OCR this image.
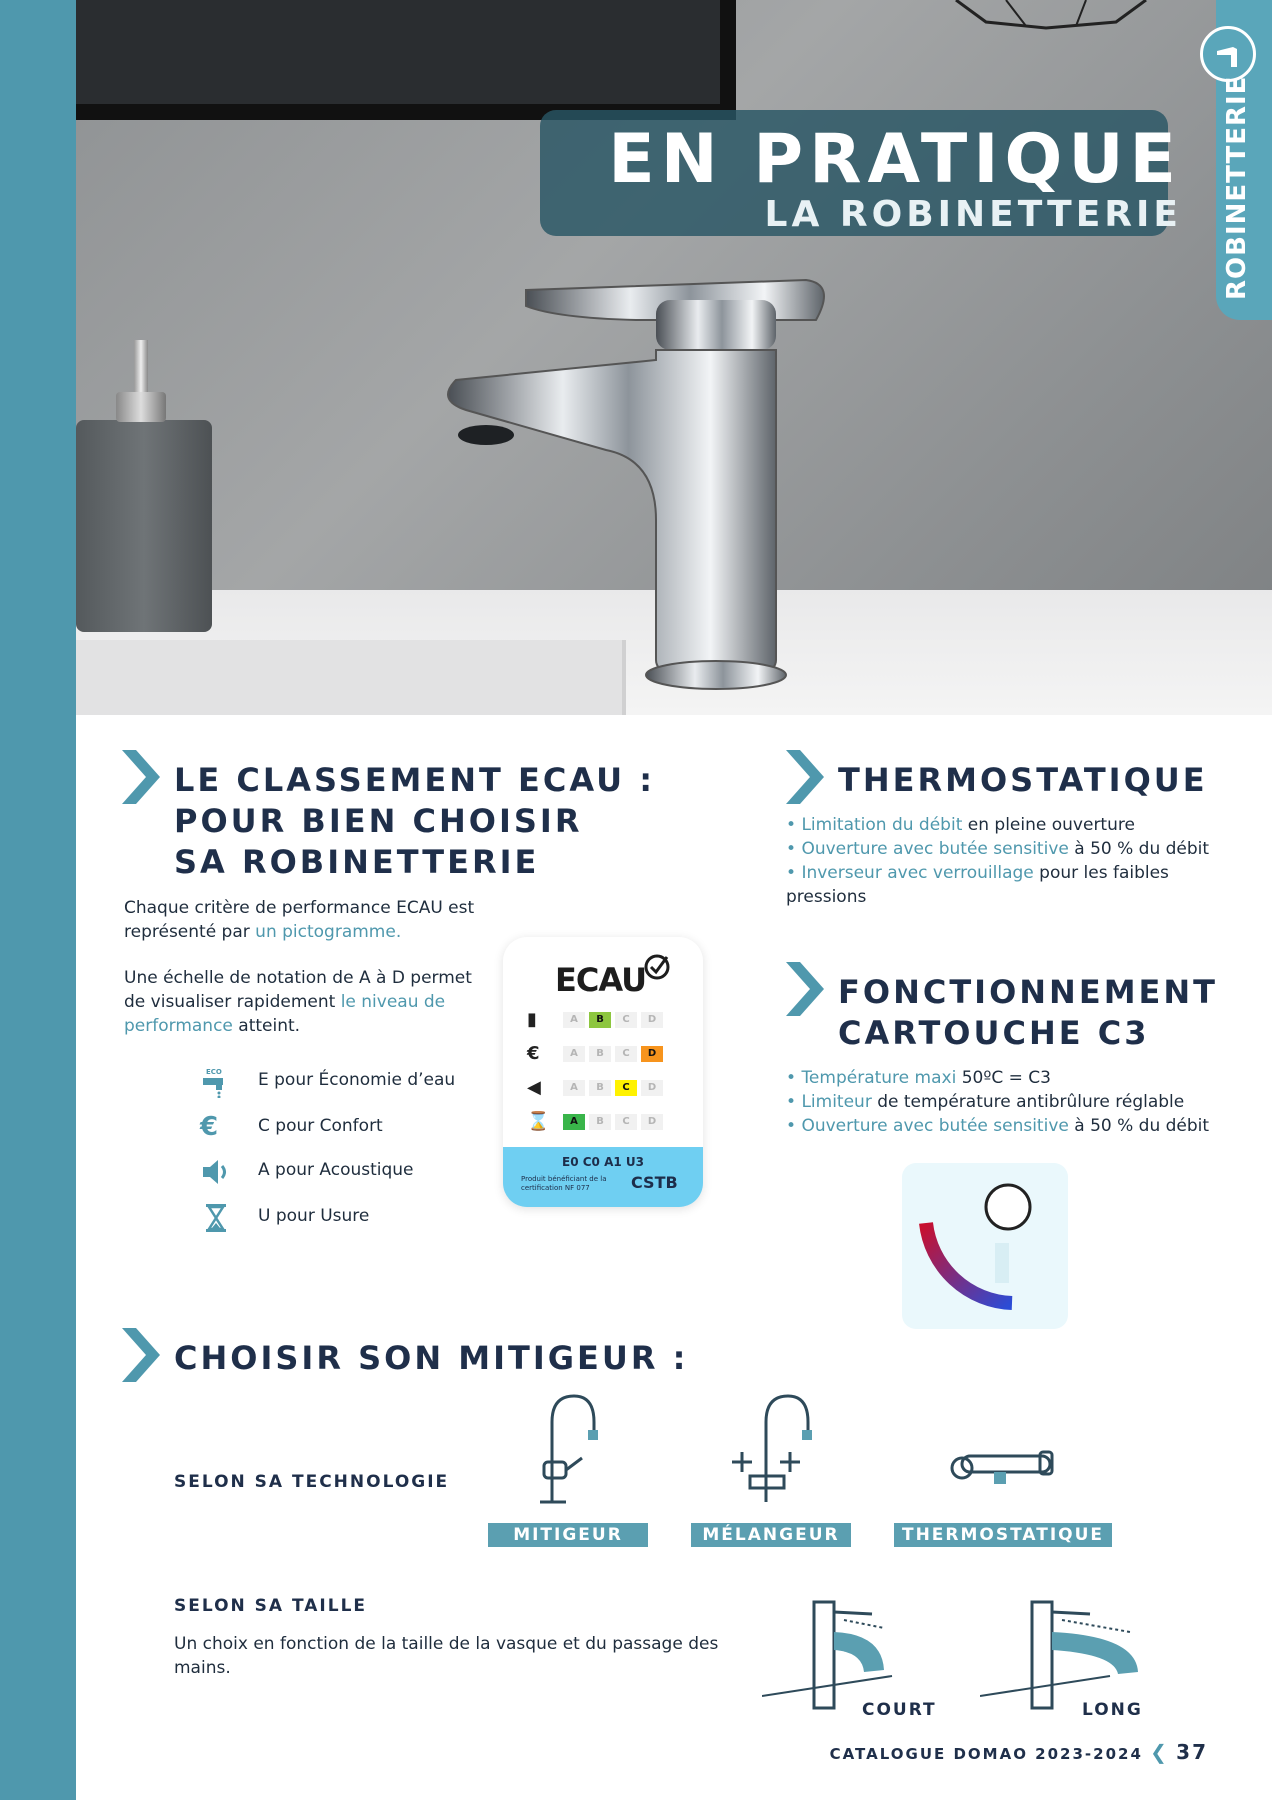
EN PRATIQUE
LA ROBINETTERIE ROBINETTERIE
LE CLASSEMENT ECAU :
POUR BIEN CHOISIR
SA ROBINETTERIE
Chaque critère de performance ECAU est
représenté par un pictogramme.
Une échelle de notation de A à D permet
de visualiser rapidement le niveau de
performance atteint.
ECO E pour Économie d’eau
€	C pour Confort
A pour Acoustique
U pour Usure
ECAU
▮	A	B	C	D
€	A	B	C	D
◀	A	B	C	D
⌛	A	B	C	D
E0 C0 A1 U3
Produit bénéficiant de la certification NF 077	CSTB
THERMOSTATIQUE
• Limitation du débit en pleine ouverture
• Ouverture avec butée sensitive à 50 % du débit
• Inverseur avec verrouillage pour les faibles pressions
FONCTIONNEMENT
CARTOUCHE C3
• Température maxi 50ºC = C3
• Limiteur de température antibrûlure réglable
• Ouverture avec butée sensitive à 50 % du débit
CHOISIR SON MITIGEUR :
SELON SA TECHNOLOGIE
MITIGEUR	MÉLANGEUR	THERMOSTATIQUE
SELON SA TAILLE
Un choix en fonction de la taille de la vasque et du passage des mains.
COURT	LONG
CATALOGUE DOMAO 2023-2024 ❮ 37
